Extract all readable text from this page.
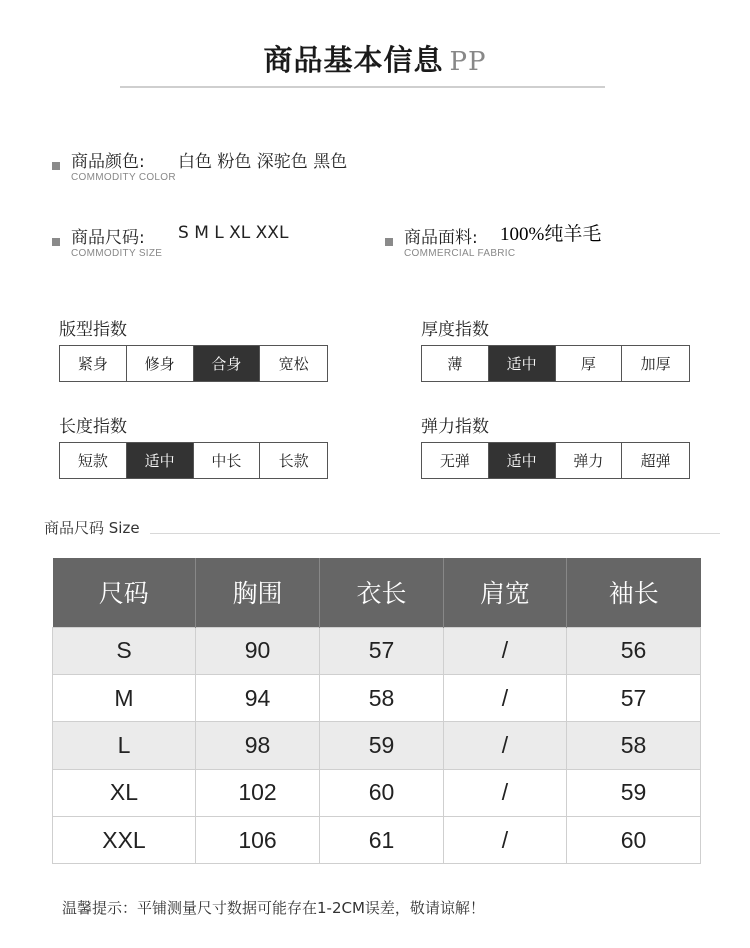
商品基本信息 PP
商品颜色:
COMMODITY COLOR
白色 粉色 深驼色 黑色
商品尺码:
COMMODITY SIZE
S M L XL XXL	商品面料:
COMMERCIAL FABRIC
100%纯羊毛
版型指数
紧身	修身	合身	宽松
厚度指数
薄	适中	厚	加厚
长度指数
短款	适中	中长	长款
弹力指数
无弹	适中	弹力	超弹
商品尺码 Size
尺码	胸围	衣长	肩宽	袖长
S	90	57	/	56
M	94	58	/	57
L	98	59	/	58
XL	102	60	/	59
XXL	106	61	/	60
温馨提示：平铺测量尺寸数据可能存在1-2CM误差，敬请谅解！
